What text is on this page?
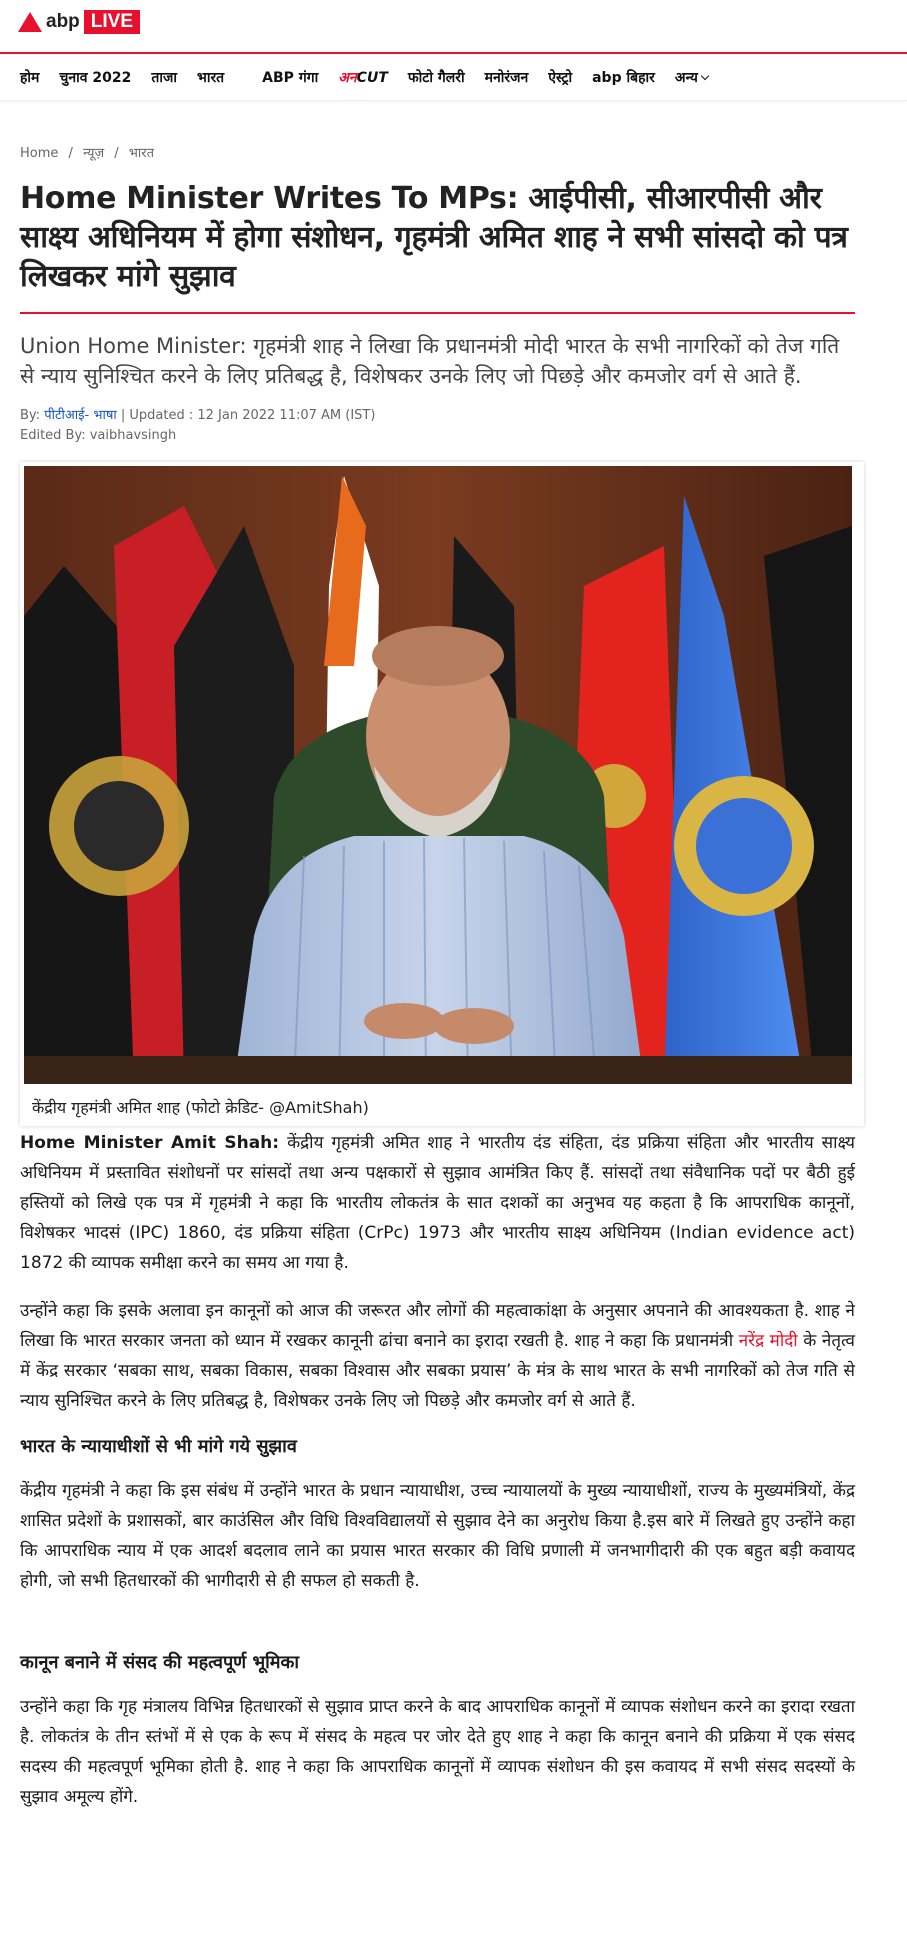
abp LIVE
होम चुनाव 2022 ताजा भारत	ABP गंगा अनCUT फोटो गैलरी मनोरंजन ऐस्ट्रो abp बिहार अन्य
Home / न्यूज़ / भारत
Home Minister Writes To MPs: आईपीसी, सीआरपीसी और साक्ष्य अधिनियम में होगा संशोधन, गृहमंत्री अमित शाह ने सभी सांसदो को पत्र लिखकर मांगे सुझाव
Union Home Minister: गृहमंत्री शाह ने लिखा कि प्रधानमंत्री मोदी भारत के सभी नागरिकों को तेज गति से न्याय सुनिश्चित करने के लिए प्रतिबद्ध है, विशेषकर उनके लिए जो पिछड़े और कमजोर वर्ग से आते हैं.
By: पीटीआई- भाषा | Updated : 12 Jan 2022 11:07 AM (IST)
Edited By: vaibhavsingh
केंद्रीय गृहमंत्री अमित शाह (फोटो क्रेडिट- @AmitShah)

Home Minister Amit Shah: केंद्रीय गृहमंत्री अमित शाह ने भारतीय दंड संहिता, दंड प्रक्रिया संहिता और भारतीय साक्ष्य अधिनियम में प्रस्तावित संशोधनों पर सांसदों तथा अन्य पक्षकारों से सुझाव आमंत्रित किए हैं. सांसदों तथा संवैधानिक पदों पर बैठी हुई हस्तियों को लिखे एक पत्र में गृहमंत्री ने कहा कि भारतीय लोकतंत्र के सात दशकों का अनुभव यह कहता है कि आपराधिक कानूनों, विशेषकर भादसं (IPC) 1860, दंड प्रक्रिया संहिता (CrPc) 1973 और भारतीय साक्ष्य अधिनियम (Indian evidence act) 1872 की व्यापक समीक्षा करने का समय आ गया है.

उन्होंने कहा कि इसके अलावा इन कानूनों को आज की जरूरत और लोगों की महत्वाकांक्षा के अनुसार अपनाने की आवश्यकता है. शाह ने लिखा कि भारत सरकार जनता को ध्यान में रखकर कानूनी ढांचा बनाने का इरादा रखती है. शाह ने कहा कि प्रधानमंत्री नरेंद्र मोदी के नेतृत्व में केंद्र सरकार ‘सबका साथ, सबका विकास, सबका विश्वास और सबका प्रयास’ के मंत्र के साथ भारत के सभी नागरिकों को तेज गति से न्याय सुनिश्चित करने के लिए प्रतिबद्ध है, विशेषकर उनके लिए जो पिछड़े और कमजोर वर्ग से आते हैं.

भारत के न्यायाधीशों से भी मांगे गये सुझाव

केंद्रीय गृहमंत्री ने कहा कि इस संबंध में उन्होंने भारत के प्रधान न्यायाधीश, उच्च न्यायालयों के मुख्य न्यायाधीशों, राज्य के मुख्यमंत्रियों, केंद्र शासित प्रदेशों के प्रशासकों, बार काउंसिल और विधि विश्वविद्यालयों से सुझाव देने का अनुरोध किया है.इस बारे में लिखते हुए उन्होंने कहा कि आपराधिक न्याय में एक आदर्श बदलाव लाने का प्रयास भारत सरकार की विधि प्रणाली में जनभागीदारी की एक बहुत बड़ी कवायद होगी, जो सभी हितधारकों की भागीदारी से ही सफल हो सकती है.

कानून बनाने में संसद की महत्वपूर्ण भूमिका

उन्होंने कहा कि गृह मंत्रालय विभिन्न हितधारकों से सुझाव प्राप्त करने के बाद आपराधिक कानूनों में व्यापक संशोधन करने का इरादा रखता है. लोकतंत्र के तीन स्तंभों में से एक के रूप में संसद के महत्व पर जोर देते हुए शाह ने कहा कि कानून बनाने की प्रक्रिया में एक संसद सदस्य की महत्वपूर्ण भूमिका होती है. शाह ने कहा कि आपराधिक कानूनों में व्यापक संशोधन की इस कवायद में सभी संसद सदस्यों के सुझाव अमूल्य होंगे.
